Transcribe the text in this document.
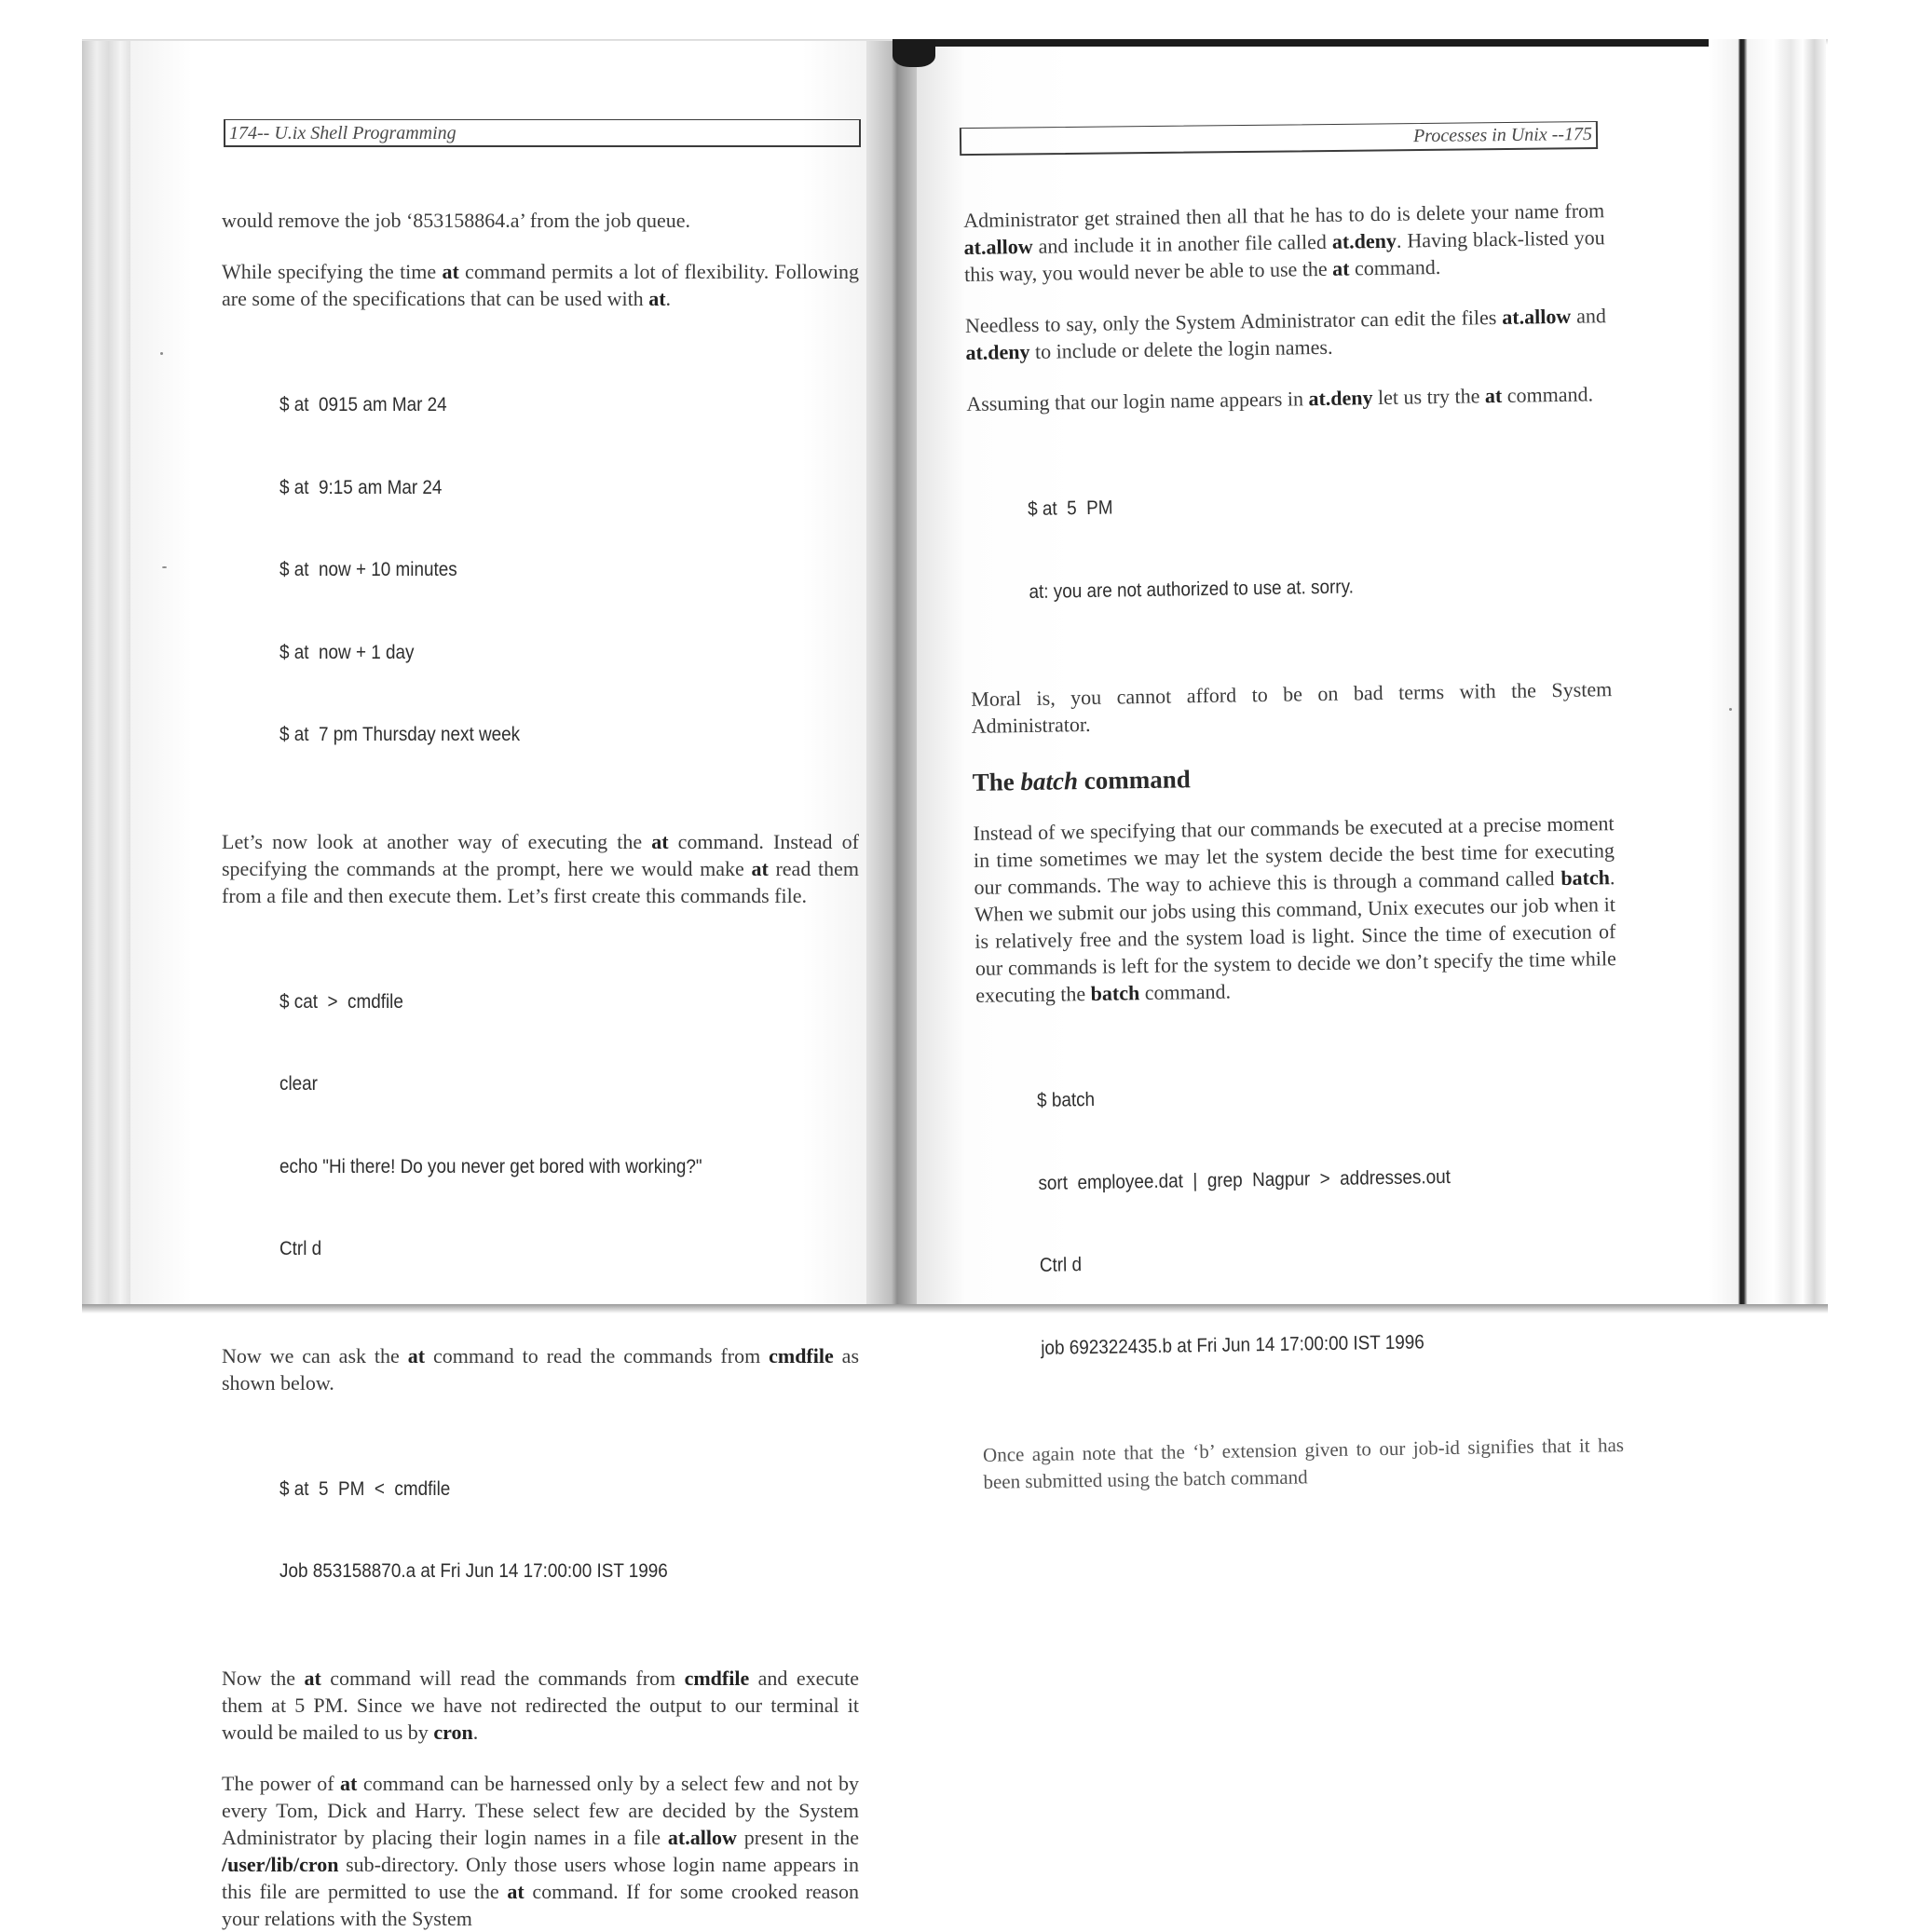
174-- U.ix Shell Programming

would remove the job ‘853158864.a’ from the job queue.

While specifying the time at command permits a lot of flexibility. Following are some of the specifications that can be used with at.

$ at  0915 am Mar 24

$ at  9:15 am Mar 24

$ at  now + 10 minutes

$ at  now + 1 day

$ at  7 pm Thursday next week

Let’s now look at another way of executing the at command. Instead of specifying the commands at the prompt, here we would make at read them from a file and then execute them. Let’s first create this commands file.

$ cat  >  cmdfile

clear

echo "Hi there! Do you never get bored with working?"

Ctrl d

Now we can ask the at command to read the commands from cmdfile as shown below.

$ at  5  PM  <  cmdfile

Job 853158870.a at Fri Jun 14 17:00:00 IST 1996

Now the at command will read the commands from cmdfile and execute them at 5 PM. Since we have not redirected the output to our terminal it would be mailed to us by cron.

The power of at command can be harnessed only by a select few and not by every Tom, Dick and Harry. These select few are decided by the System Administrator by placing their login names in a file at.allow present in the /user/lib/cron sub-directory. Only those users whose login name appears in this file are permitted to use the at command. If for some crooked reason your relations with the System

Processes in Unix --175

Administrator get strained then all that he has to do is delete your name from at.allow and include it in another file called at.deny. Having black-listed you this way, you would never be able to use the at command.

Needless to say, only the System Administrator can edit the files at.allow and at.deny to include or delete the login names.

Assuming that our login name appears in at.deny let us try the at command.

$ at  5  PM

at: you are not authorized to use at. sorry.

Moral is, you cannot afford to be on bad terms with the System Administrator.

The batch command

Instead of we specifying that our commands be executed at a precise moment in time sometimes we may let the system decide the best time for executing our commands. The way to achieve this is through a command called batch. When we submit our jobs using this command, Unix executes our job when it is relatively free and the system load is light. Since the time of execution of our commands is left for the system to decide we don’t specify the time while executing the batch command.

$ batch

sort  employee.dat  |  grep  Nagpur  >  addresses.out

Ctrl d

job 692322435.b at Fri Jun 14 17:00:00 IST 1996

Once again note that the ‘b’ extension given to our job-id signifies that it has been submitted using the batch command
